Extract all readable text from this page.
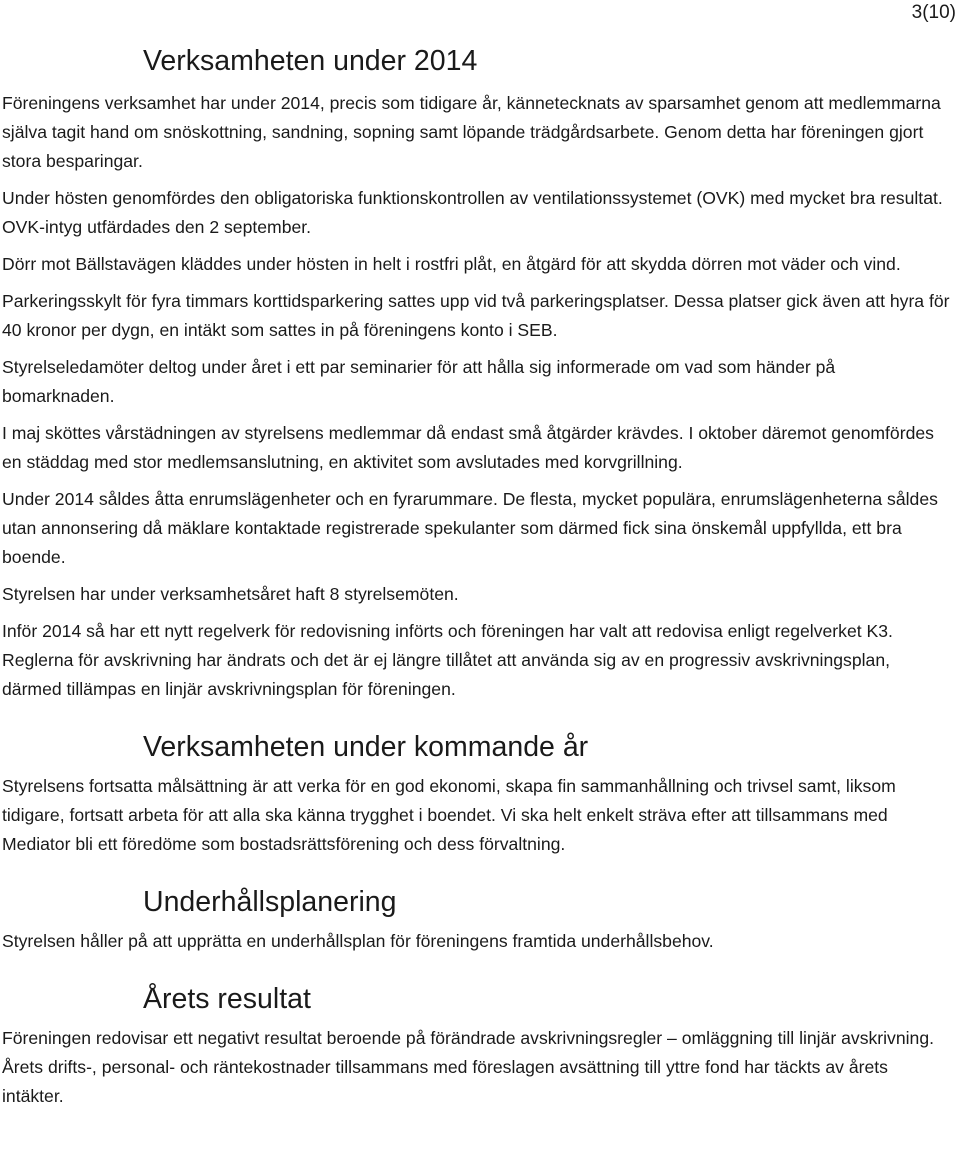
3(10)
Verksamheten under 2014

Föreningens verksamhet har under 2014, precis som tidigare år, kännetecknats av sparsamhet genom att medlemmarna själva tagit hand om snöskottning, sandning, sopning samt löpande trädgårdsarbete. Genom detta har föreningen gjort stora besparingar.

Under hösten genomfördes den obligatoriska funktionskontrollen av ventilationssystemet (OVK) med mycket bra resultat. OVK-intyg utfärdades den 2 september.

Dörr mot Bällstavägen kläddes under hösten in helt i rostfri plåt, en åtgärd för att skydda dörren mot väder och vind.

Parkeringsskylt för fyra timmars korttidsparkering sattes upp vid två parkeringsplatser. Dessa platser gick även att hyra för 40 kronor per dygn, en intäkt som sattes in på föreningens konto i SEB.

Styrelseledamöter deltog under året i ett par seminarier för att hålla sig informerade om vad som händer på bomarknaden.

I maj sköttes vårstädningen av styrelsens medlemmar då endast små åtgärder krävdes. I oktober däremot genomfördes en städdag med stor medlemsanslutning, en aktivitet som avslutades med korvgrillning.

Under 2014 såldes åtta enrumslägenheter och en fyrarummare. De flesta, mycket populära, enrumslägenheterna såldes utan annonsering då mäklare kontaktade registrerade spekulanter som därmed fick sina önskemål uppfyllda, ett bra boende.

Styrelsen har under verksamhetsåret haft 8 styrelsemöten.

Inför 2014 så har ett nytt regelverk för redovisning införts och föreningen har valt att redovisa enligt regelverket K3. Reglerna för avskrivning har ändrats och det är ej längre tillåtet att använda sig av en progressiv avskrivningsplan, därmed tillämpas en linjär avskrivningsplan för föreningen.

Verksamheten under kommande år

Styrelsens fortsatta målsättning är att verka för en god ekonomi, skapa fin sammanhållning och trivsel samt, liksom tidigare, fortsatt arbeta för att alla ska känna trygghet i boendet. Vi ska helt enkelt sträva efter att tillsammans med Mediator bli ett föredöme som bostadsrättsförening och dess förvaltning.

Underhållsplanering

Styrelsen håller på att upprätta en underhållsplan för föreningens framtida underhållsbehov.

Årets resultat

Föreningen redovisar ett negativt resultat beroende på förändrade avskrivningsregler – omläggning till linjär avskrivning.

Årets drifts-, personal- och räntekostnader tillsammans med föreslagen avsättning till yttre fond har täckts av årets intäkter.
